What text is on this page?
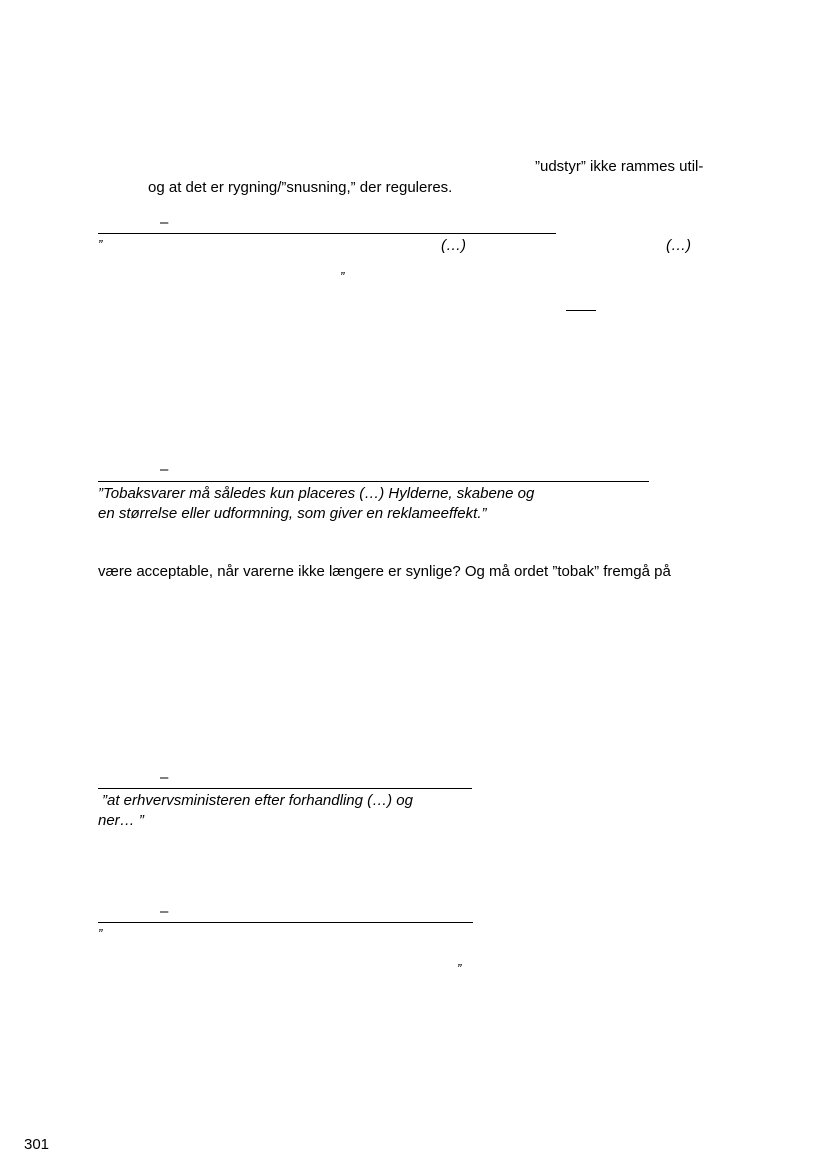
”udstyr” ikke rammes util-
og at det er rygning/”snusning,” der reguleres.
–
”	(…)	(…)
”
–
”Tobaksvarer må således kun placeres (…) Hylderne, skabene og
en størrelse eller udformning, som giver en reklameeffekt.”
være acceptable, når varerne ikke længere er synlige? Og må ordet ”tobak” fremgå på
–
”at erhvervsministeren efter forhandling (…) og
ner… ”
–
”
”
301
